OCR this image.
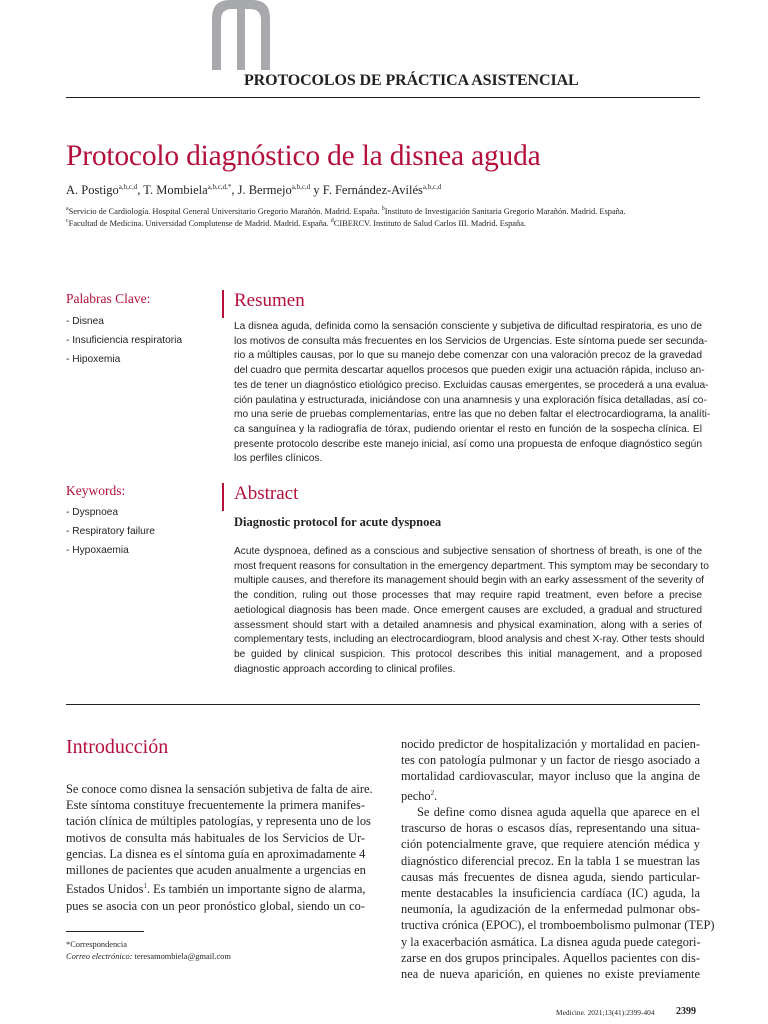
PROTOCOLOS DE PRÁCTICA ASISTENCIAL
Protocolo diagnóstico de la disnea aguda
A. Postigo$^{a,b,c,d}$, T. Mombiela$^{a,b,c,d,*}$, J. Bermejo$^{a,b,c,d}$ y F. Fernández-Avilés$^{a,b,c,d}$
$^a$Servicio de Cardiología. Hospital General Universitario Gregorio Marañón. Madrid. España. $^b$Instituto de Investigación Sanitaria Gregorio Marañón. Madrid. España.
$^c$Facultad de Medicina. Universidad Complutense de Madrid. Madrid. España. $^d$CIBERCV. Instituto de Salud Carlos III. Madrid. España.
Palabras Clave:
- Disnea
- Insuficiencia respiratoria
- Hipoxemia
Resumen
La disnea aguda, definida como la sensación consciente y subjetiva de dificultad respiratoria, es uno de
los motivos de consulta más frecuentes en los Servicios de Urgencias. Este síntoma puede ser secunda-
rio a múltiples causas, por lo que su manejo debe comenzar con una valoración precoz de la gravedad
del cuadro que permita descartar aquellos procesos que pueden exigir una actuación rápida, incluso an-
tes de tener un diagnóstico etiológico preciso. Excluidas causas emergentes, se procederá a una evalua-
ción paulatina y estructurada, iniciándose con una anamnesis y una exploración física detalladas, así co-
mo una serie de pruebas complementarias, entre las que no deben faltar el electrocardiograma, la analíti-
ca sanguínea y la radiografía de tórax, pudiendo orientar el resto en función de la sospecha clínica. El
presente protocolo describe este manejo inicial, así como una propuesta de enfoque diagnóstico según
los perfiles clínicos.
Keywords:
- Dyspnoea
- Respiratory failure
- Hypoxaemia
Abstract
Diagnostic protocol for acute dyspnoea
Acute dyspnoea, defined as a conscious and subjective sensation of shortness of breath, is one of the
most frequent reasons for consultation in the emergency department. This symptom may be secondary to
multiple causes, and therefore its management should begin with an earky assessment of the severity of
the condition, ruling out those processes that may require rapid treatment, even before a precise
aetiological diagnosis has been made. Once emergent causes are excluded, a gradual and structured
assessment should start with a detailed anamnesis and physical examination, along with a series of
complementary tests, including an electrocardiogram, blood analysis and chest X-ray. Other tests should
be guided by clinical suspicion. This protocol describes this initial management, and a proposed
diagnostic approach according to clinical profiles.
Introducción
Se conoce como disnea la sensación subjetiva de falta de aire.
Este síntoma constituye frecuentemente la primera manifes-
tación clínica de múltiples patologías, y representa uno de los
motivos de consulta más habituales de los Servicios de Ur-
gencias. La disnea es el síntoma guía en aproximadamente 4
millones de pacientes que acuden anualmente a urgencias en
Estados Unidos$^1$. Es también un importante signo de alarma,
pues se asocia con un peor pronóstico global, siendo un co-
nocido predictor de hospitalización y mortalidad en pacien-
tes con patología pulmonar y un factor de riesgo asociado a
mortalidad cardiovascular, mayor incluso que la angina de
pecho$^2$.
Se define como disnea aguda aquella que aparece en el
trascurso de horas o escasos días, representando una situa-
ción potencialmente grave, que requiere atención médica y
diagnóstico diferencial precoz. En la tabla 1 se muestran las
causas más frecuentes de disnea aguda, siendo particular-
mente destacables la insuficiencia cardíaca (IC) aguda, la
neumonía, la agudización de la enfermedad pulmonar obs-
tructiva crónica (EPOC), el tromboembolismo pulmonar (TEP)
y la exacerbación asmática. La disnea aguda puede categori-
zarse en dos grupos principales. Aquellos pacientes con dis-
nea de nueva aparición, en quienes no existe previamente
*Correspondencia
Correo electrónico: teresamombiela@gmail.com
Medicine. 2021;13(41):2399-404 2399
